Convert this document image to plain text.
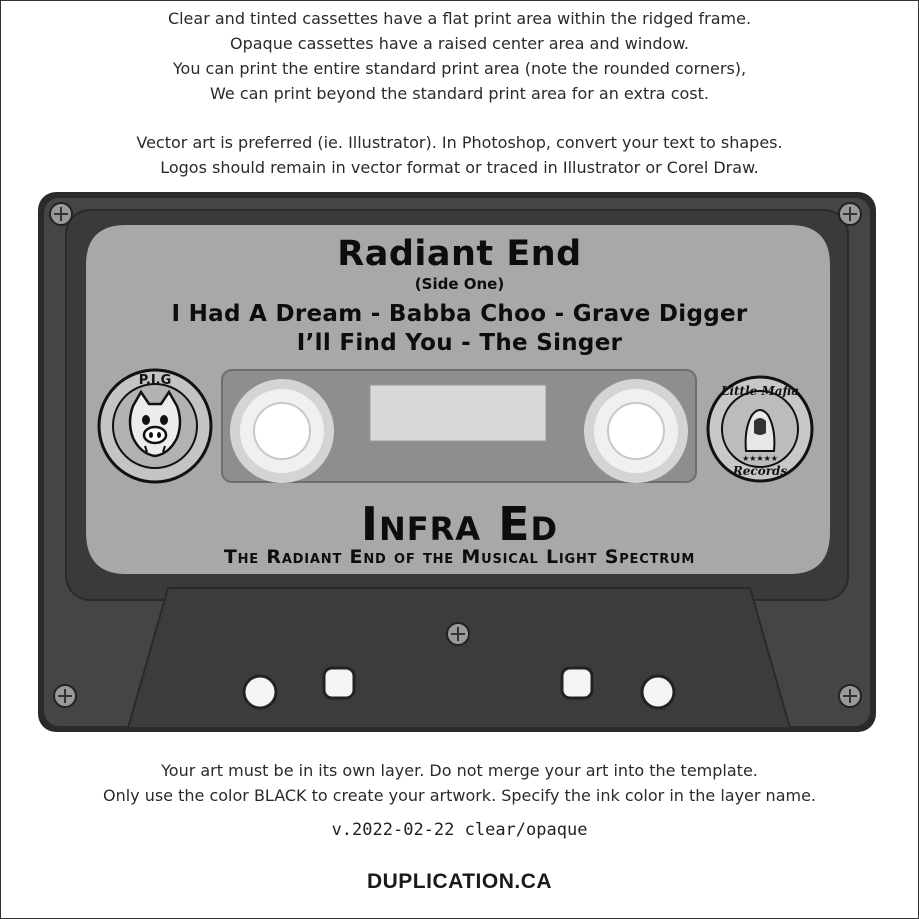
Clear and tinted cassettes have a flat print area within the ridged frame.
Opaque cassettes have a raised center area and window.
You can print the entire standard print area (note the rounded corners),
We can print beyond the standard print area for an extra cost.
Vector art is preferred (ie. Illustrator). In Photoshop, convert your text to shapes.
Logos should remain in vector format or traced in Illustrator or Corel Draw.
P.I.G
Little Mafia
Records
★★★★★
Radiant End
(Side One)
I Had A Dream - Babba Choo - Grave Digger
I’ll Find You - The Singer
Infra Ed
The Radiant End of the Musical Light Spectrum
Your art must be in its own layer. Do not merge your art into the template.
Only use the color BLACK to create your artwork. Specify the ink color in the layer name.
v.2022-02-22 clear/opaque
DUPLICATION.CA
